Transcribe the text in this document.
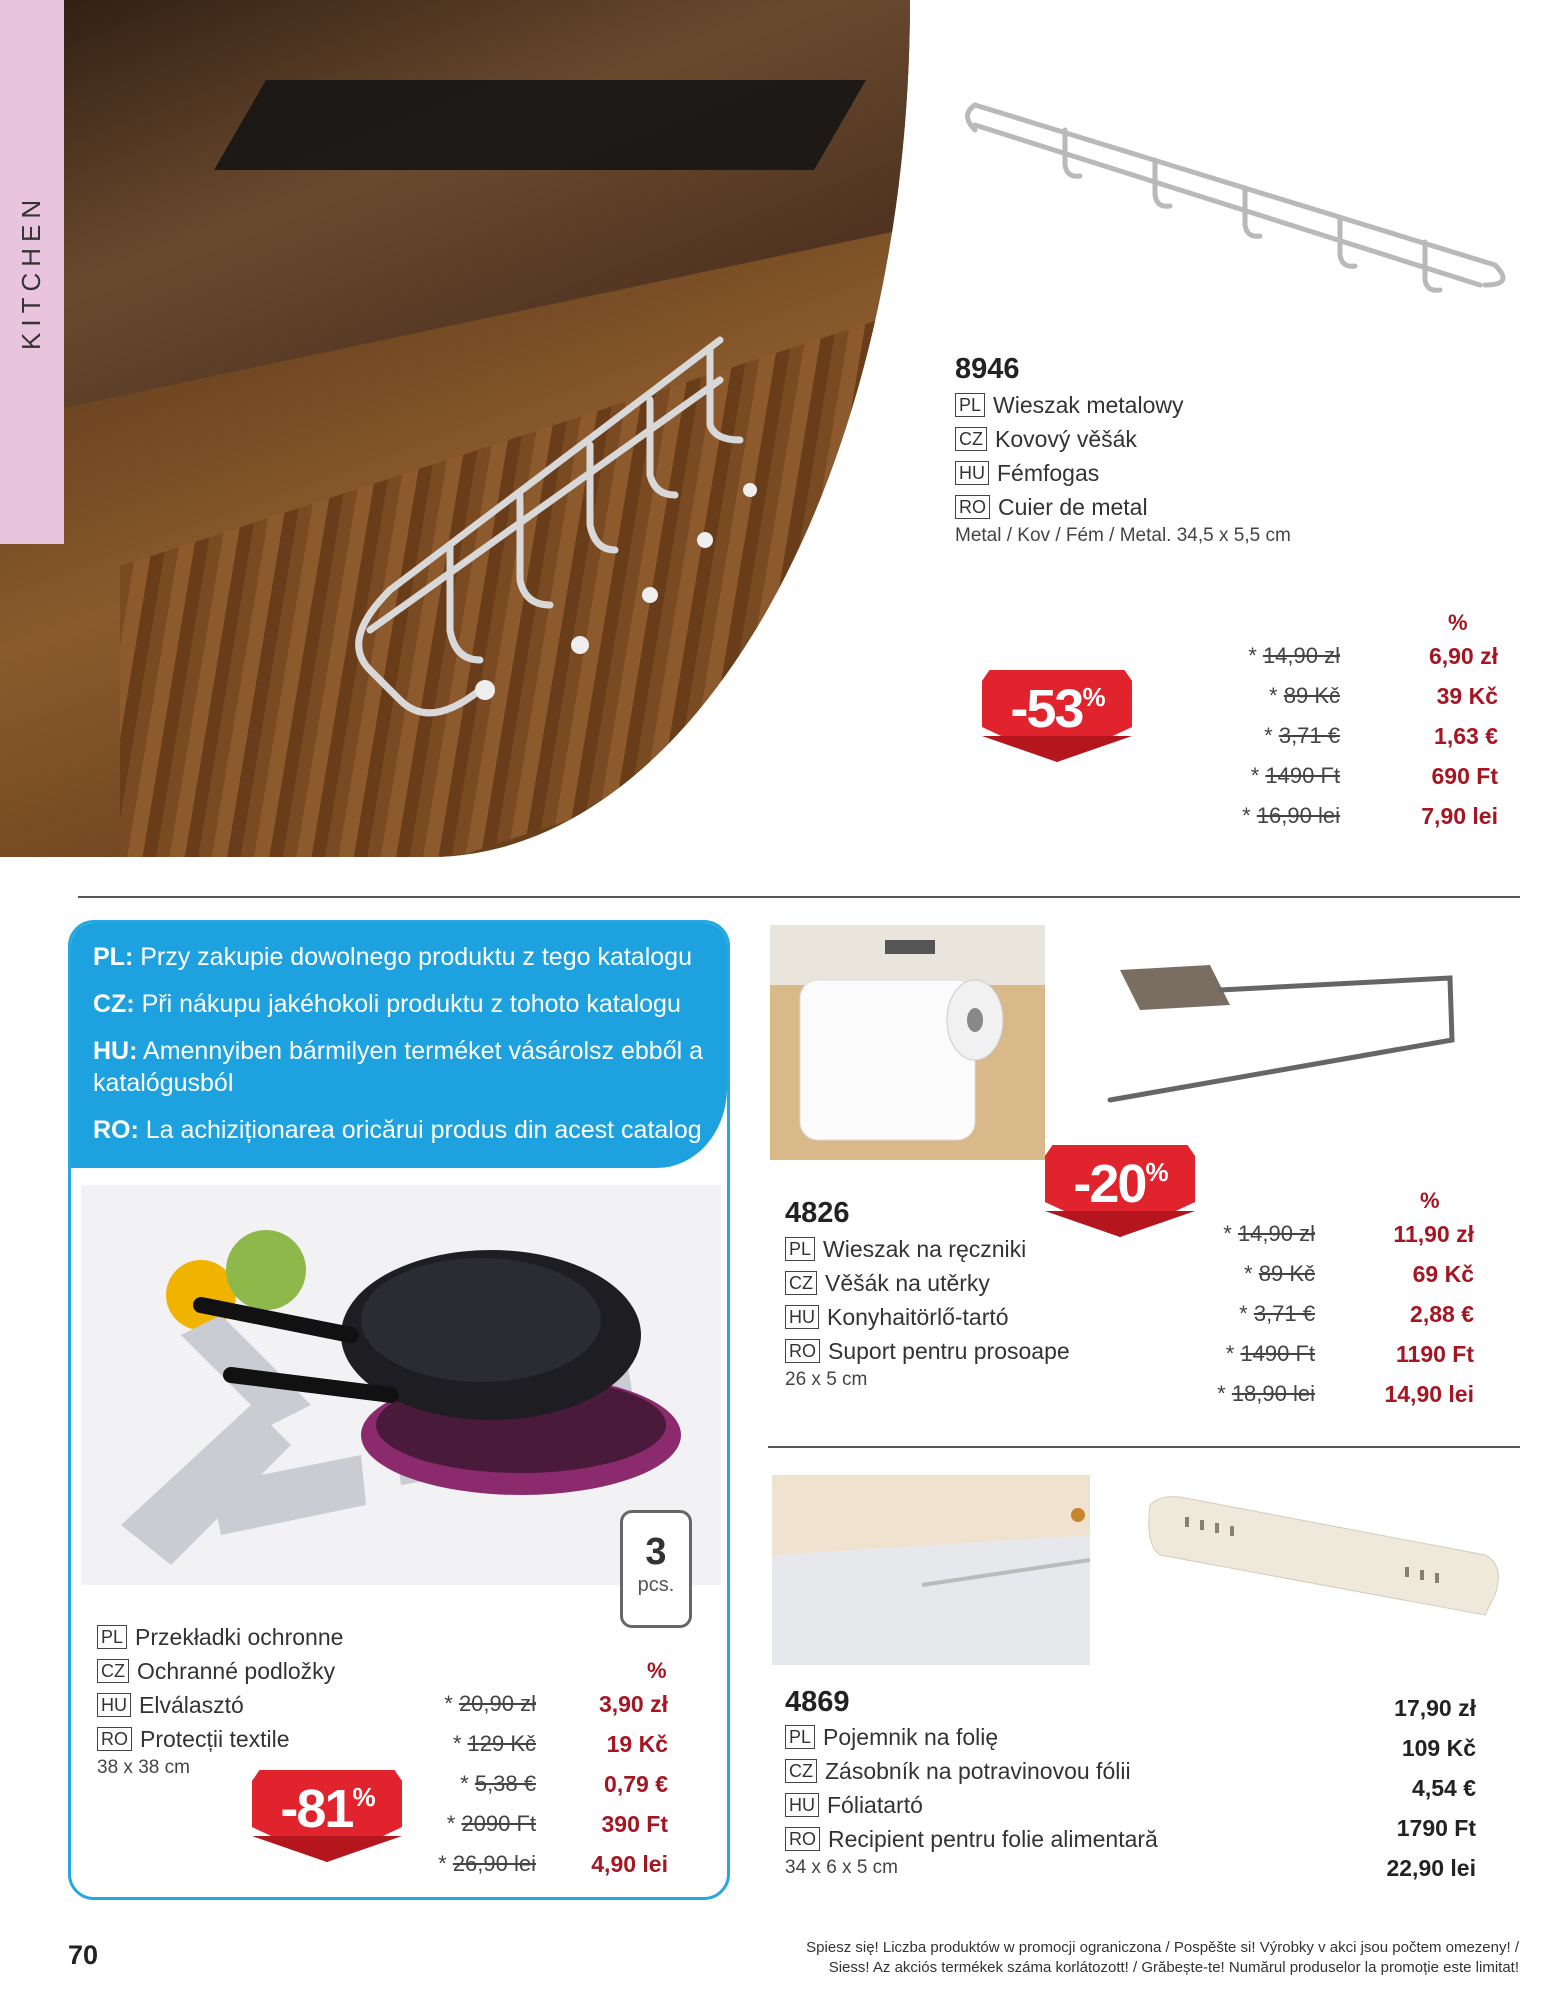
KITCHEN
8946
PL Wieszak metalowy
CZ Kovový věšák
HU Fémfogas
RO Cuier de metal
Metal / Kov / Fém / Metal. 34,5 x 5,5 cm
-53%
%
* 14,90 zł
* 89 Kč
* 3,71 €
* 1490 Ft
* 16,90 lei
6,90 zł
39 Kč
1,63 €
690 Ft
7,90 lei

PL: Przy zakupie dowolnego produktu z tego katalogu

CZ: Při nákupu jakéhokoli produktu z tohoto katalogu

HU: Amennyiben bármilyen terméket vásárolsz ebből a katalógusból

RO: La achiziționarea oricărui produs din acest catalog

3
pcs.
PL Przekładki ochronne
CZ Ochranné podložky
HU Elválasztó
RO Protecții textile
38 x 38 cm
-81%
%
* 20,90 zł
* 129 Kč
* 5,38 €
* 2090 Ft
* 26,90 lei
3,90 zł
19 Kč
0,79 €
390 Ft
4,90 lei
-20%
4826
PL Wieszak na ręczniki
CZ Věšák na utěrky
HU Konyhaitörlő-tartó
RO Suport pentru prosoape
26 x 5 cm
%
* 14,90 zł
* 89 Kč
* 3,71 €
* 1490 Ft
* 18,90 lei
11,90 zł
69 Kč
2,88 €
1190 Ft
14,90 lei
4869
PL Pojemnik na folię
CZ Zásobník na potravinovou fólii
HU Fóliatartó
RO Recipient pentru folie alimentară
34 x 6 x 5 cm
17,90 zł
109 Kč
4,54 €
1790 Ft
22,90 lei
70	Spiesz się! Liczba produktów w promocji ograniczona / Pospěšte si! Výrobky v akci jsou počtem omezeny! / Siess! Az akciós termékek száma korlátozott! / Grăbește-te! Numărul produselor la promoție este limitat!
